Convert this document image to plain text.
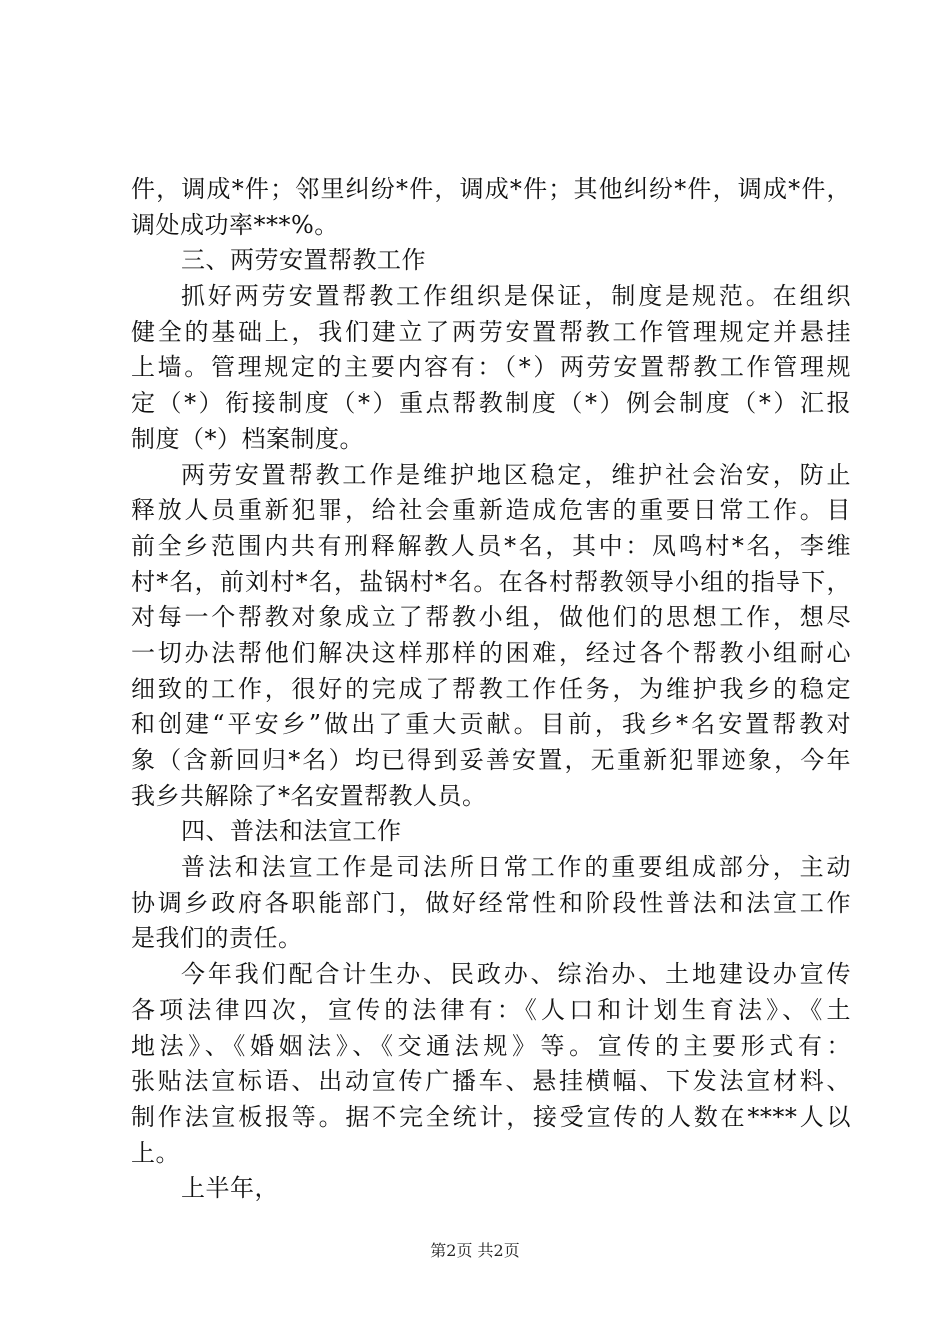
件，调成*件；邻里纠纷*件，调成*件；其他纠纷*件，调成*件，
调处成功率***%。
三、两劳安置帮教工作
抓好两劳安置帮教工作组织是保证，制度是规范。在组织
健全的基础上，我们建立了两劳安置帮教工作管理规定并悬挂
上墙。管理规定的主要内容有：（*）两劳安置帮教工作管理规
定（*）衔接制度（*）重点帮教制度（*）例会制度（*）汇报
制度（*）档案制度。
两劳安置帮教工作是维护地区稳定，维护社会治安，防止
释放人员重新犯罪，给社会重新造成危害的重要日常工作。目
前全乡范围内共有刑释解教人员*名，其中：凤鸣村*名，李维
村*名，前刘村*名，盐锅村*名。在各村帮教领导小组的指导下，
对每一个帮教对象成立了帮教小组，做他们的思想工作，想尽
一切办法帮他们解决这样那样的困难，经过各个帮教小组耐心
细致的工作，很好的完成了帮教工作任务，为维护我乡的稳定
和创建“平安乡”做出了重大贡献。目前，我乡*名安置帮教对
象（含新回归*名）均已得到妥善安置，无重新犯罪迹象，今年
我乡共解除了*名安置帮教人员。
四、普法和法宣工作
普法和法宣工作是司法所日常工作的重要组成部分，主动
协调乡政府各职能部门，做好经常性和阶段性普法和法宣工作
是我们的责任。
今年我们配合计生办、民政办、综治办、土地建设办宣传
各项法律四次，宣传的法律有：《人口和计划生育法》、《土
地法》、《婚姻法》、《交通法规》等。宣传的主要形式有：
张贴法宣标语、出动宣传广播车、悬挂横幅、下发法宣材料、
制作法宣板报等。据不完全统计，接受宣传的人数在****人以
上。
上半年，
第2页 共2页
